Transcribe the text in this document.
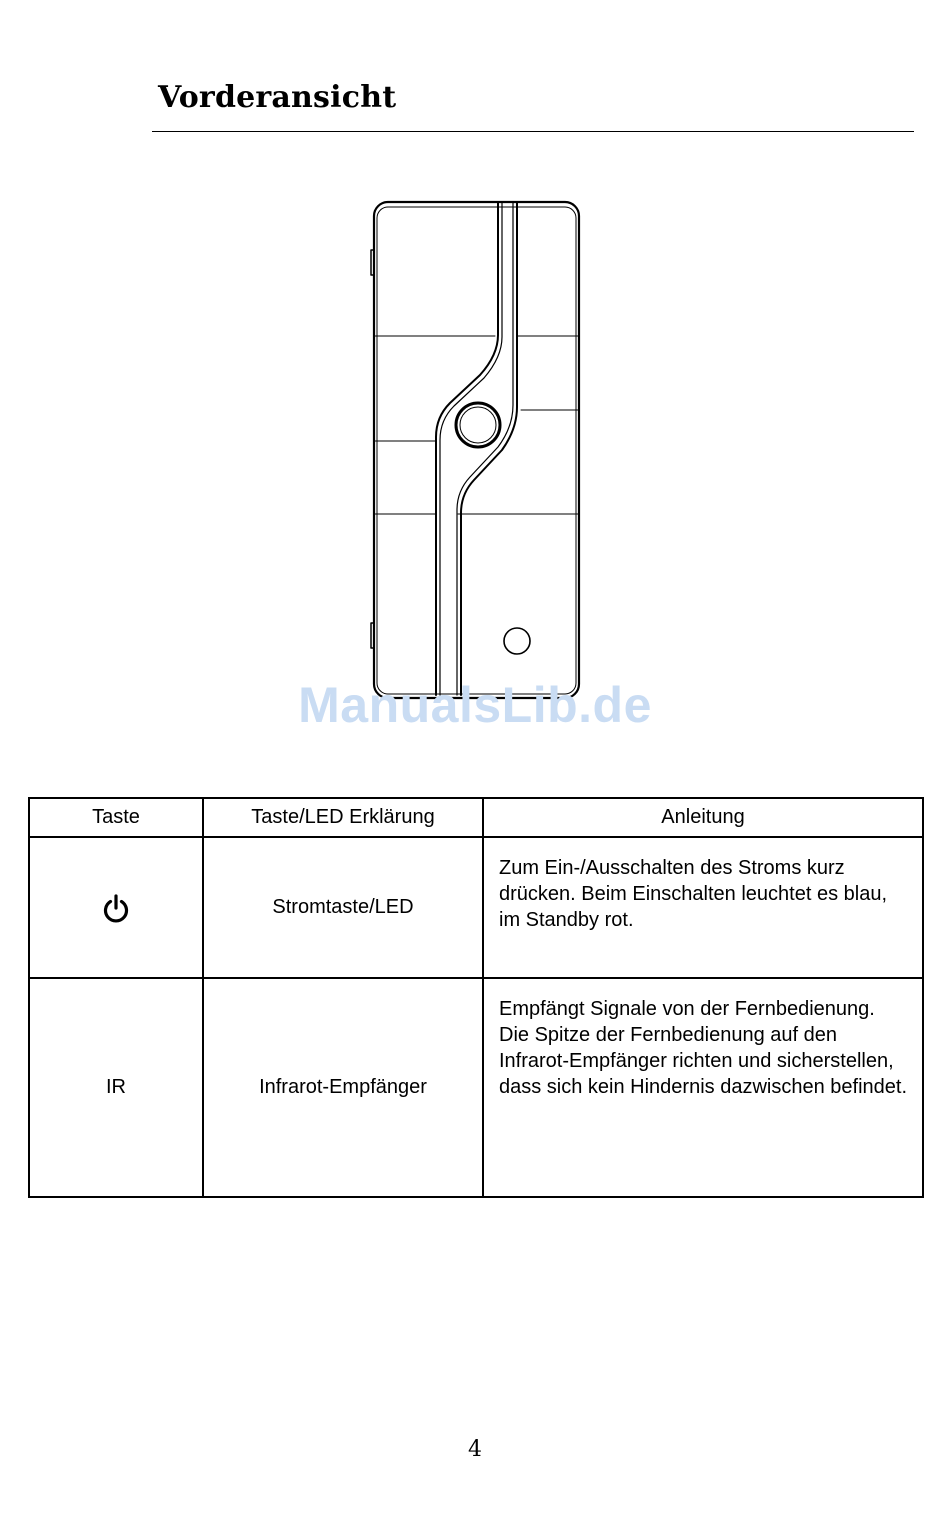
Vorderansicht
ManualsLib.de
Taste	Taste/LED Erklärung	Anleitung
	Stromtaste/LED	Zum Ein-/Ausschalten des Stroms kurz drücken. Beim Einschalten leuchtet es blau, im Standby rot.
IR	Infrarot-Empfänger	Empfängt Signale von der Fernbedienung. Die Spitze der Fernbedienung auf den Infrarot-Empfänger richten und sicherstellen, dass sich kein Hindernis dazwischen befindet.
4
